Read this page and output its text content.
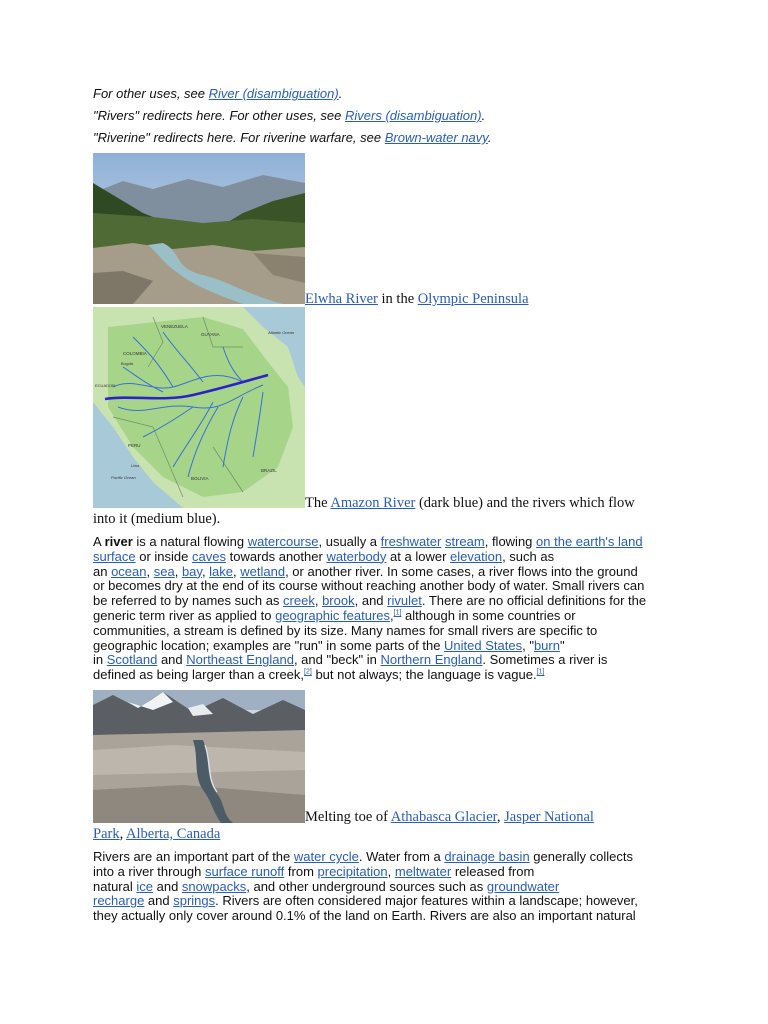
For other uses, see River (disambiguation).
"Rivers" redirects here. For other uses, see Rivers (disambiguation).
"Riverine" redirects here. For riverine warfare, see Brown-water navy.
Elwha River in the Olympic Peninsula
VENEZUELA
GUYANA
COLOMBIA
Bogotá
Atlantic Ocean
ECUADOR
PERU
Pacific Ocean
BRAZIL
BOLIVIA
Lima
The Amazon River (dark blue) and the rivers which flow
into it (medium blue).
A river is a natural flowing watercourse, usually a freshwater stream, flowing on the earth's land
surface or inside caves towards another waterbody at a lower elevation, such as
an ocean, sea, bay, lake, wetland, or another river. In some cases, a river flows into the ground
or becomes dry at the end of its course without reaching another body of water. Small rivers can
be referred to by names such as creek, brook, and rivulet. There are no official definitions for the
generic term river as applied to geographic features,[1] although in some countries or
communities, a stream is defined by its size. Many names for small rivers are specific to
geographic location; examples are "run" in some parts of the United States, "burn"
in Scotland and Northeast England, and "beck" in Northern England. Sometimes a river is
defined as being larger than a creek,[2] but not always; the language is vague.[1]
Melting toe of Athabasca Glacier, Jasper National
Park, Alberta, Canada
Rivers are an important part of the water cycle. Water from a drainage basin generally collects
into a river through surface runoff from precipitation, meltwater released from
natural ice and snowpacks, and other underground sources such as groundwater
recharge and springs. Rivers are often considered major features within a landscape; however,
they actually only cover around 0.1% of the land on Earth. Rivers are also an important natural
